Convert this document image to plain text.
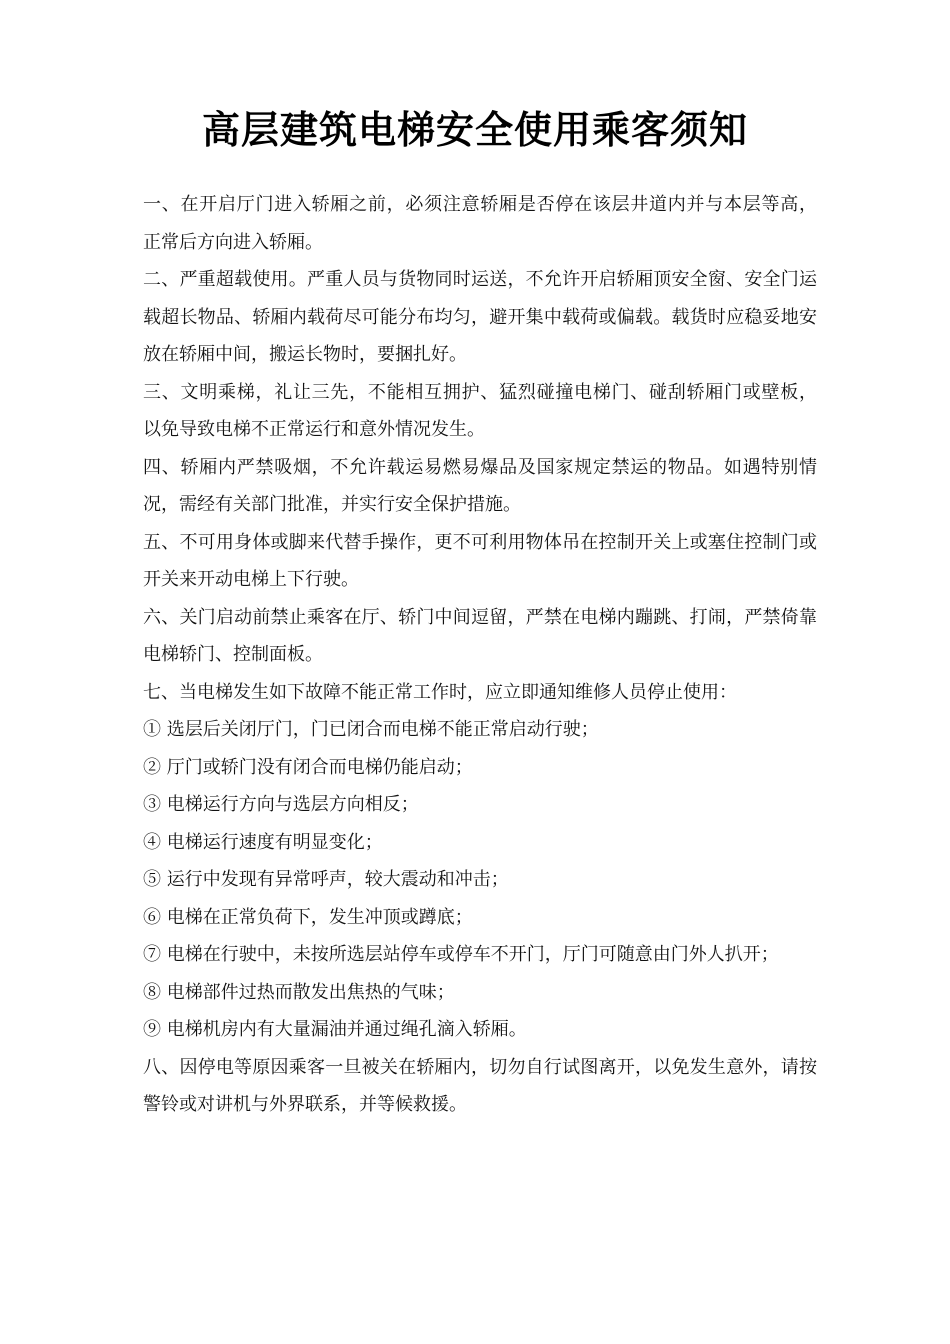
高层建筑电梯安全使用乘客须知

一、在开启厅门进入轿厢之前，必须注意轿厢是否停在该层井道内并与本层等高，  正常后方向进入轿厢。

二、严重超载使用。严重人员与货物同时运送，不允许开启轿厢顶安全窗、安全门运载超长物品、轿厢内载荷尽可能分布均匀，避开集中载荷或偏载。载货时应稳妥地安放在轿厢中间，搬运长物时，要捆扎好。

三、文明乘梯，礼让三先，不能相互拥护、猛烈碰撞电梯门、碰刮轿厢门或壁板，  以免导致电梯不正常运行和意外情况发生。

四、轿厢内严禁吸烟，不允许载运易燃易爆品及国家规定禁运的物品。如遇特别情况，需经有关部门批准，并实行安全保护措施。

五、不可用身体或脚来代替手操作，更不可利用物体吊在控制开关上或塞住控制门或开关来开动电梯上下行驶。

六、关门启动前禁止乘客在厅、轿门中间逗留，严禁在电梯内蹦跳、打闹，严禁倚靠电梯轿门、控制面板。

七、当电梯发生如下故障不能正常工作时，应立即通知维修人员停止使用：

① 选层后关闭厅门，门已闭合而电梯不能正常启动行驶；

② 厅门或轿门没有闭合而电梯仍能启动；

③ 电梯运行方向与选层方向相反；

④ 电梯运行速度有明显变化；

⑤ 运行中发现有异常呼声，较大震动和冲击；

⑥ 电梯在正常负荷下，发生冲顶或蹲底；

⑦ 电梯在行驶中，未按所选层站停车或停车不开门，厅门可随意由门外人扒开；

⑧ 电梯部件过热而散发出焦热的气味；

⑨ 电梯机房内有大量漏油并通过绳孔滴入轿厢。

八、因停电等原因乘客一旦被关在轿厢内，切勿自行试图离开，以免发生意外，请按警铃或对讲机与外界联系，并等候救援。
